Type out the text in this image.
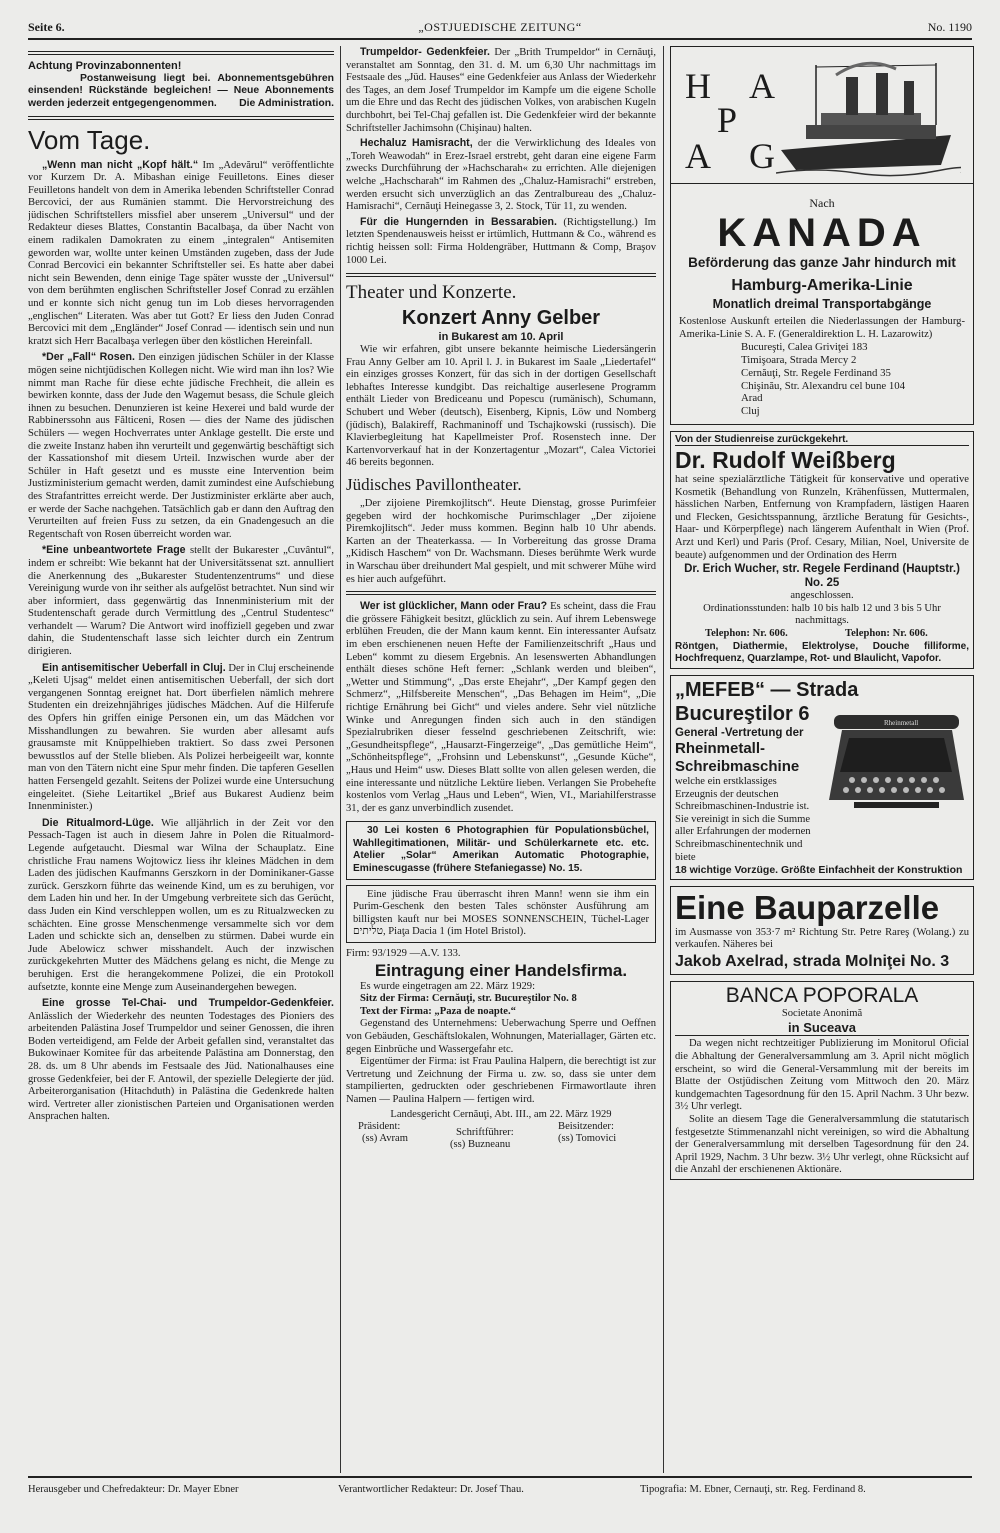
Seite 6.	„OSTJUEDISCHE ZEITUNG“	No. 1190
Achtung Provinzabonnenten!
Postanweisung liegt bei. Abonnementsgebühren einsenden! Rückstände begleichen! — Neue Abonnements werden jederzeit entgegengenommen.	Die Administration.
Vom Tage.

„Wenn man nicht „Kopf hält.“ Im „Adevărul“ veröffentlichte vor Kurzem Dr. A. Mibashan einige Feuilletons. Eines dieser Feuilletons handelt von dem in Amerika lebenden Schriftsteller Conrad Bercovici, der aus Rumänien stammt. Die Hervorstreichung des jüdischen Schriftstellers missfiel aber unserem „Universul“ und der Redakteur dieses Blattes, Constantin Bacalbaşa, da über Nacht von einem radikalen Damokraten zu einem „integralen“ Antisemiten geworden war, wollte unter keinen Umständen zugeben, dass der Jude Conrad Bercovici ein bekannter Schriftsteller sei. Es hatte aber dabei nicht sein Bewenden, denn einige Tage später wusste der „Universul“ von dem berühmten englischen Schriftsteller Josef Conrad zu erzählen und er konnte sich nicht genug tun im Lob dieses hervorragenden „englischen“ Literaten. Was aber tut Gott? Er liess den Juden Conrad Bercovici mit dem „Engländer“ Josef Conrad — identisch sein und nun kratzt sich Herr Bacalbaşa verlegen über den köstlichen Hereinfall.

*Der „Fall“ Rosen. Den einzigen jüdischen Schüler in der Klasse mögen seine nichtjüdischen Kollegen nicht. Wie wird man ihn los? Wie nimmt man Rache für diese echte jüdische Frechheit, die allein es bewirken konnte, dass der Jude den Wagemut besass, die Schule gleich ihnen zu besuchen. Denunzieren ist keine Hexerei und bald wurde der Rabbinerssohn aus Fălticeni, Rosen — dies der Name des jüdischen Schülers — wegen Hochverrates unter Anklage gestellt. Die erste und die zweite Instanz haben ihn verurteilt und gegenwärtig beschäftigt sich der Kassationshof mit diesem Urteil. Inzwischen wurde aber der Schüler in Haft gesetzt und es musste eine Intervention beim Justizministerium gemacht werden, damit zumindest eine Aufschiebung des Strafantrittes erreicht werde. Der Justizminister erklärte aber auch, er werde der Sache nachgehen. Tatsächlich gab er dann den Auftrag den Verurteilten auf freien Fuss zu setzen, da ein Gnadengesuch an die Regentschaft von Rosen überreicht worden war.

*Eine unbeantwortete Frage stellt der Bukarester „Cuvântul“, indem er schreibt: Wie bekannt hat der Universitätssenat szt. annulliert die Anerkennung des „Bukarester Studentenzentrums“ und diese Vereinigung wurde von ihr seither als aufgelöst betrachtet. Nun sind wir aber informiert, dass gegenwärtig das Innenministerium mit der Studentenschaft gerade durch Vermittlung des „Centrul Studentesc“ verhandelt — Warum? Die Antwort wird inoffiziell gegeben und zwar dahin, die Studentenschaft lasse sich leichter durch ein Zentrum dirigieren.

Ein antisemitischer Ueberfall in Cluj. Der in Cluj erscheinende „Keleti Ujsag“ meldet einen antisemitischen Ueberfall, der sich dort vergangenen Sonntag ereignet hat. Dort überfielen nämlich mehrere Studenten ein dreizehnjähriges jüdisches Mädchen. Auf die Hilferufe des Opfers hin griffen einige Personen ein, um das Mädchen vor Misshandlungen zu bewahren. Sie wurden aber allesamt aufs grausamste mit Knüppelhieben traktiert. So dass zwei Personen bewusstlos auf der Stelle blieben. Als Polizei herbeigeeilt war, konnte man von den Tätern nicht eine Spur mehr finden. Die tapferen Gesellen hatten Fersengeld gezahlt. Seitens der Polizei wurde eine Untersuchung eingeleitet. (Siehe Leitartikel „Brief aus Bukarest Audienz beim Innenminister.)

Die Ritualmord-Lüge. Wie alljährlich in der Zeit vor den Pessach-Tagen ist auch in diesem Jahre in Polen die Ritualmord-Legende aufgetaucht. Diesmal war Wilna der Schauplatz. Eine christliche Frau namens Wojtowicz liess ihr kleines Mädchen in dem Laden des jüdischen Kaufmanns Gerszkorn in der Dominikaner-Gasse zurück. Gerszkorn führte das weinende Kind, um es zu beruhigen, vor dem Laden hin und her. In der Umgebung verbreitete sich das Gerücht, dass Juden ein Kind verschleppen wollen, um es zu Ritualzwecken zu schächten. Eine grosse Menschenmenge versammelte sich vor dem Laden und schickte sich an, denselben zu stürmen. Dabei wurde ein Jude Abelowicz schwer misshandelt. Auch der inzwischen zurückgekehrten Mutter des Mädchens gelang es nicht, die Menge zu beruhigen. Erst die herangekommene Polizei, die ein Protokoll aufsetzte, konnte eine Menge zum Auseinandergehen bewegen.

Eine grosse Tel-Chai- und Trumpeldor-Gedenkfeier. Anlässlich der Wiederkehr des neunten Todestages des Pioniers des arbeitenden Palästina Josef Trumpeldor und seiner Genossen, die ihren Boden verteidigend, am Felde der Arbeit gefallen sind, veranstaltet das Bukowinaer Komitee für das arbeitende Palästina am Donnerstag, den 28. ds. um 8 Uhr abends im Festsaale des Jüd. Nationalhauses eine grosse Gedenkfeier, bei der F. Antowil, der spezielle Delegierte der jüd. Arbeiterorganisation (Hitachduth) in Palästina die Gedenkrede halten wird. Vertreter aller zionistischen Parteien und Organisationen werden Ansprachen halten.

Trumpeldor- Gedenkfeier. Der „Brith Trumpeldor“ in Cernăuţi, veranstaltet am Sonntag, den 31. d. M. um 6,30 Uhr nachmittags im Festsaale des „Jüd. Hauses“ eine Gedenkfeier aus Anlass der Wiederkehr des Tages, an dem Josef Trumpeldor im Kampfe um die eigene Scholle um die Ehre und das Recht des jüdischen Volkes, von arabischen Kugeln durchbohrt, bei Tel-Chaj gefallen ist. Die Gedenkfeier wird der bekannte Schriftsteller Jachimsohn (Chişinau) halten.

Hechaluz Hamisracht, der die Verwirklichung des Ideales von „Toreh Weawodah“ in Erez-Israel erstrebt, geht daran eine eigene Farm zwecks Durchführung der »Hachscharah« zu errichten. Alle diejenigen welche „Hachscharah“ im Rahmen des „Chaluz-Hamisrachi“ erstreben, werden ersucht sich unverzüglich an das Zentralbureau des „Chaluz-Hamisrachi“, Cernăuţi Heinegasse 3, 2. Stock, Tür 11, zu wenden.

Für die Hungernden in Bessarabien. (Richtigstellung.) Im letzten Spendenausweis heisst er irtümlich, Huttmann & Co., während es richtig heissen soll: Firma Holdengräber, Huttmann & Comp, Braşov 1000 Lei.

Theater und Konzerte.
Konzert Anny Gelber
in Bukarest am 10. April

Wie wir erfahren, gibt unsere bekannte heimische Liedersängerin Frau Anny Gelber am 10. April l. J. in Bukarest im Saale „Liedertafel“ ein einziges grosses Konzert, für das sich in der dortigen Gesellschaft lebhaftes Interesse kundgibt. Das reichaltige auserlesene Programm enthält Lieder von Brediceanu und Popescu (rumänisch), Schumann, Schubert und Weber (deutsch), Eisenberg, Kipnis, Löw und Nomberg (jüdisch), Balakireff, Rachmaninoff und Tschajkowski (russisch). Die Klavierbegleitung hat Kapellmeister Prof. Rosenstech inne. Der Kartenvorverkauf hat in der Konzertagentur „Mozart“, Calea Victoriei 46 bereits begonnen.

Jüdisches Pavillontheater.

„Der zijoiene Piremkojlitsch“. Heute Dienstag, grosse Purimfeier gegeben wird der hochkomische Purimschlager „Der zijoiene Piremkojlitsch“. Jeder muss kommen. Beginn halb 10 Uhr abends. Karten an der Theaterkassa. — In Vorbereitung das grosse Drama „Kidisch Haschem“ von Dr. Wachsmann. Dieses berühmte Werk wurde in Warschau über dreihundert Mal gespielt, und mit schwerer Mühe wird es hier auch aufgeführt.

Wer ist glücklicher, Mann oder Frau? Es scheint, dass die Frau die grössere Fähigkeit besitzt, glücklich zu sein. Auf ihrem Lebenswege erblühen Freuden, die der Mann kaum kennt. Ein interessanter Aufsatz im eben erschienenen neuen Hefte der Familienzeitschrift „Haus und Leben“ kommt zu diesem Ergebnis. An lesenswerten Abhandlungen enthält dieses schöne Heft ferner: „Schlank werden und bleiben“, „Wetter und Stimmung“, „Das erste Ehejahr“, „Der Kampf gegen den Schmerz“, „Hilfsbereite Menschen“, „Das Behagen im Heim“, „Die richtige Ernährung bei Gicht“ und vieles andere. Sehr viel nützliche Winke und Anregungen finden sich auch in den ständigen Spezialrubriken dieser fesselnd geschriebenen Zeitschrift, wie: „Gesundheitspflege“, „Hausarzt-Fingerzeige“, „Das gemütliche Heim“, „Schönheitspflege“, „Frohsinn und Lebenskunst“, „Gesunde Küche“, „Haus und Heim“ usw. Dieses Blatt sollte von allen gelesen werden, die eine interessante und nützliche Lektüre lieben. Verlangen Sie Probehefte kostenlos vom Verlag „Haus und Leben“, Wien, VI., Mariahilferstrasse 31, der es ganz unverbindlich zusendet.

30 Lei kosten 6 Photographien für Populationsbüchel, Wahllegitimationen, Militär- und Schülerkarnete etc. etc. Atelier „Solar“ Amerikan Automatic Photographie, Eminescugasse (frühere Stefaniegasse) No. 15.

Eine jüdische Frau überrascht ihren Mann! wenn sie ihm ein Purim-Geschenk den besten Tales schönster Ausführung am billigsten kauft nur bei MOSES SONNENSCHEIN, Tüchel-Lager טליתים, Piaţa Dacia 1 (im Hotel Bristol).

Firm: 93/1929 —A.V. 133.

Eintragung einer Handelsfirma.

Es wurde eingetragen am 22. März 1929:

Sitz der Firma: Cernăuţi, str. Bucureştilor No. 8

Text der Firma: „Paza de noapte.“

Gegenstand des Unternehmens: Ueberwachung Sperre und Oeffnen von Gebäuden, Geschäftslokalen, Wohnungen, Materiallager, Gärten etc. gegen Einbrüche und Wassergefahr etc.

Eigentümer der Firma: ist Frau Paulina Halpern, die berechtigt ist zur Vertretung und Zeichnung der Firma u. zw. so, dass sie unter dem stampilierten, gedruckten oder geschriebenen Firmawortlaute ihren Namen — Paulina Halpern — fertigen wird.

Landesgericht Cernăuţi, Abt. III., am 22. März 1929

Präsident:
(ss) Avram
Schriftführer:
(ss) Buzneanu
Beisitzender:
(ss) Tomovici
H A
P
A G
Nach
KANADA
Beförderung das ganze Jahr hindurch mit
Hamburg-Amerika-Linie
Monatlich dreimal Transportabgänge

Kostenlose Auskunft erteilen die Niederlassungen der Hamburg-Amerika-Linie S. A. F. (Generaldirektion L. H. Lazarowitz)

Bucureşti, Calea Griviţei 183
Timişoara, Strada Mercy 2
Cernăuţi, Str. Regele Ferdinand 35
Chişinău, Str. Alexandru cel bune 104
Arad
Cluj
Von der Studienreise zurückgekehrt.
Dr. Rudolf Weißberg

hat seine spezialärztliche Tätigkeit für konservative und operative Kosmetik (Behandlung von Runzeln, Krähenfüssen, Muttermalen, hässlichen Narben, Entfernung von Krampfadern, lästigen Haaren und Flecken, Gesichtsspannung, ärztliche Beratung für Gesichts-, Haar- und Körperpflege) nach längerem Aufenthalt in Wien (Prof. Arzt und Kerl) und Paris (Prof. Cesary, Milian, Noel, Universite de beaute) aufgenommen und der Ordination des Herrn

Dr. Erich Wucher, str. Regele Ferdinand (Hauptstr.) No. 25
angeschlossen.

Ordinationsstunden: halb 10 bis halb 12 und 3 bis 5 Uhr nachmittags.

Telephon: Nr. 606.	Telephon: Nr. 606.

Röntgen, Diathermie, Elektrolyse, Douche filliforme, Hochfrequenz, Quarzlampe, Rot- und Blaulicht, Vapofor.

„MEFEB“ — Strada Bucureştilor 6
General -Vertretung der
Rheinmetall-Schreibmaschine

welche ein erstklassiges Erzeugnis der deutschen Schreibmaschinen-Industrie ist. Sie vereinigt in sich die Summe aller Erfahrungen der modernen Schreibmaschinentechnik und biete

18 wichtige Vorzüge. Größte Einfachheit der Konstruktion

Rheinmetall
Eine Bauparzelle

im Ausmasse von 353·7 m² Richtung Str. Petre Rareş (Wolang.) zu verkaufen. Näheres bei

Jakob Axelrad, strada Molniţei No. 3
BANCA POPORALA
Societate Anonimă
in Suceava

Da wegen nicht rechtzeitiger Publizierung im Monitorul Oficial die Abhaltung der Generalversammlung am 3. April nicht möglich erscheint, so wird die General-Versammlung mit der bereits im Blatte der Ostjüdischen Zeitung vom Mittwoch den 20. März kundgemachten Tagesordnung für den 15. April Nachm. 3 Uhr bezw. 3½ Uhr verlegt.

Solite an diesem Tage die Generalversammlung die statutarisch festgesetzte Stimmenanzahl nicht vereinigen, so wird die Abhaltung der Generalversammlung mit derselben Tagesordnung für den 24. April 1929, Nachm. 3 Uhr bezw. 3½ Uhr verlegt, ohne Rücksicht auf die Anzahl der erschienenen Aktionäre.

Herausgeber und Chefredakteur: Dr. Mayer Ebner	Verantwortlicher Redakteur: Dr. Josef Thau.	Tipografia: M. Ebner, Cernauţi, str. Reg. Ferdinand 8.
